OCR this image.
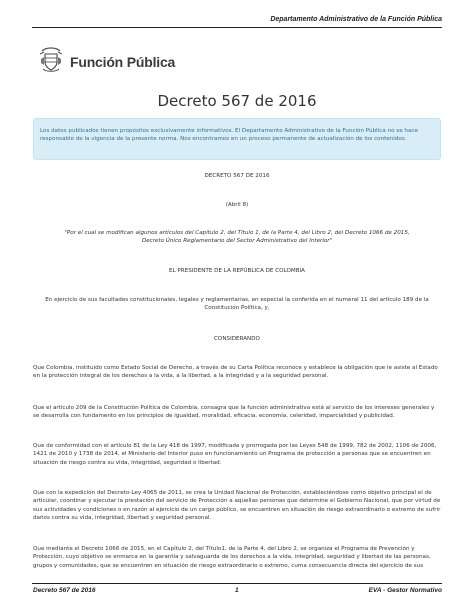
Departamento Administrativo de la Función Pública
Función Pública
Decreto 567 de 2016
Los datos publicados tienen propósitos exclusivamente informativos. El Departamento Administrativo de la Función Pública no se hace responsable de la vigencia de la presente norma. Nos encontramos en un proceso permanente de actualización de los contenidos.
DECRETO 567 DE 2016
(Abril 8)
"Por el cual se modifican algunos artículos del Capítulo 2, del Título 1, de la Parte 4, del Libro 2, del Decreto 1066 de 2015, Decreto Único Reglamentario del Sector Administrativo del Interior"
EL PRESIDENTE DE LA REPÚBLICA DE COLOMBIA
En ejercicio de sus facultades constitucionales, legales y reglamentarias, en especial la conferida en el numeral 11 del artículo 189 de la Constitución Política, y,
CONSIDERANDO
Que Colombia, instituido como Estado Social de Derecho, a través de su Carta Política reconoce y establece la obligación que le asiste al Estado en la protección integral de los derechos a la vida, a la libertad, a la integridad y a la seguridad personal.
Que el artículo 209 de la Constitución Política de Colombia, consagra que la función administrativa está al servicio de los intereses generales y se desarrolla con fundamento en los principios de igualdad, moralidad, eficacia, economía, celeridad, imparcialidad y publicidad.
Que de conformidad con el artículo 81 de la Ley 418 de 1997, modificada y prorrogada por las Leyes 548 de 1999, 782 de 2002, 1106 de 2006, 1421 de 2010 y 1738 de 2014, el Ministerio del Interior puso en funcionamiento un Programa de protección a personas que se encuentren en situación de riesgo contra su vida, integridad, seguridad o libertad.
Que con la expedición del Decreto-Ley 4065 de 2011, se crea la Unidad Nacional de Protección, estableciéndose como objetivo principal el de articular, coordinar y ejecutar la prestación del servicio de Protección a aquellas personas que determine el Gobierno Nacional, que por virtud de sus actividades y condiciones o en razón al ejercicio de un cargo público, se encuentren en situación de riesgo extraordinario o extremo de sufrir daños contra su vida, integridad, libertad y seguridad personal.
Que mediante el Decreto 1066 de 2015, en el Capítulo 2, del Título1, de la Parte 4, del Libro 2, se organiza el Programa de Prevención y Protección, cuyo objetivo se enmarca en la garantía y salvaguarda de los derechos a la vida, integridad, seguridad y libertad de las personas, grupos y comunidades, que se encuentren en situación de riesgo extraordinario o extremo, cuma consecuencia directa del ejercicio de sus
Decreto 567 de 2016	1	EVA - Gestor Normativo
